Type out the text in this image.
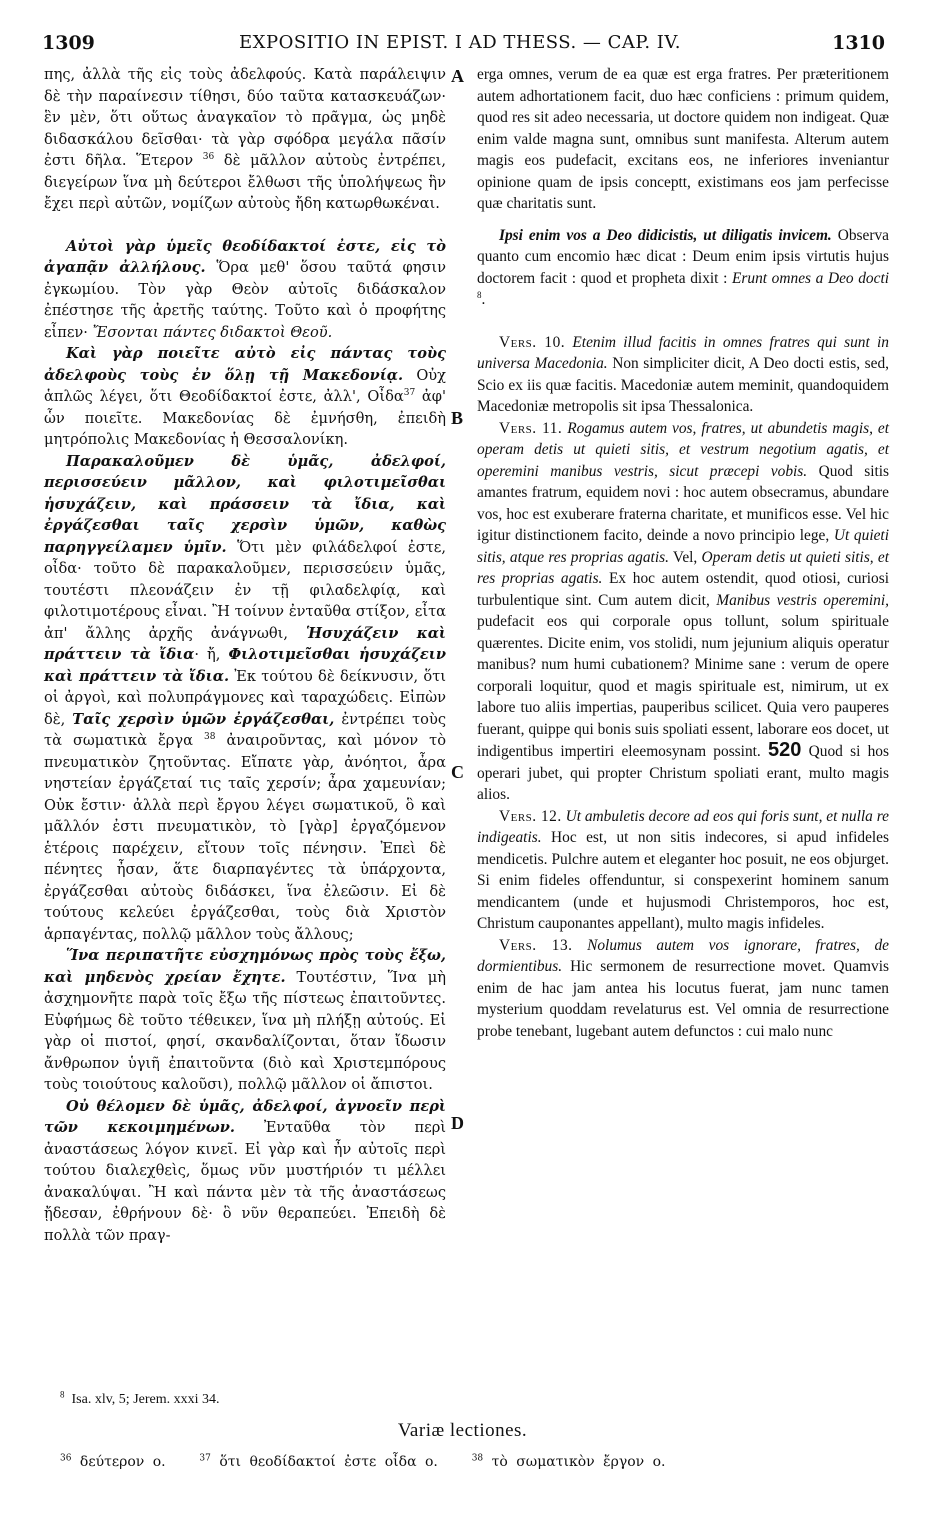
1309	EXPOSITIO IN EPIST. I AD THESS. — CAP. IV.	1310
A
B
C
D

πης, ἀλλὰ τῆς εἰς τοὺς ἀδελφούς. Κατὰ παράλειψιν δὲ τὴν παραίνεσιν τίθησι, δύο ταῦτα κατασκευάζων· ἓν μὲν, ὅτι οὕτως ἀναγκαῖον τὸ πρᾶγμα, ὡς μηδὲ διδασκάλου δεῖσθαι· τὰ γὰρ σφόδρα μεγάλα πᾶσίν ἐστι δῆλα. Ἕτερον $^{36}$ δὲ μᾶλλον αὐτοὺς ἐντρέπει, διεγείρων ἵνα μὴ δεύτεροι ἔλθωσι τῆς ὑπολήψεως ἣν ἔχει περὶ αὐτῶν, νομίζων αὐτοὺς ἤδη κατωρθωκέναι.

Αὐτοὶ γὰρ ὑμεῖς θεοδίδακτοί ἐστε, εἰς τὸ ἀγαπᾷν ἀλλήλους. Ὅρα μεθ' ὅσου ταῦτά φησιν ἐγκωμίου. Τὸν γὰρ Θεὸν αὐτοῖς διδάσκαλον ἐπέστησε τῆς ἀρετῆς ταύτης. Τοῦτο καὶ ὁ προφήτης εἶπεν· Ἔσονται πάντες διδακτοὶ Θεοῦ.

Καὶ γὰρ ποιεῖτε αὐτὸ εἰς πάντας τοὺς ἀδελφοὺς τοὺς ἐν ὅλῃ τῇ Μακεδονίᾳ. Οὐχ ἁπλῶς λέγει, ὅτι Θεοδίδακτοί ἐστε, ἀλλ', Οἶδα$^{37}$ ἀφ' ὧν ποιεῖτε. Μακεδονίας δὲ ἐμνήσθη, ἐπειδὴ μητρόπολις Μακεδονίας ἡ Θεσσαλονίκη.

Παρακαλοῦμεν δὲ ὑμᾶς, ἀδελφοί, περισσεύειν μᾶλλον, καὶ φιλοτιμεῖσθαι ἡσυχάζειν, καὶ πράσσειν τὰ ἴδια, καὶ ἐργάζεσθαι ταῖς χερσὶν ὑμῶν, καθὼς παρηγγείλαμεν ὑμῖν. Ὅτι μὲν φιλάδελφοί ἐστε, οἶδα· τοῦτο δὲ παρακαλοῦμεν, περισσεύειν ὑμᾶς, τουτέστι πλεονάζειν ἐν τῇ φιλαδελφίᾳ, καὶ φιλοτιμοτέρους εἶναι. Ἢ τοίνυν ἐνταῦθα στίξον, εἶτα ἀπ' ἄλλης ἀρχῆς ἀνάγνωθι, Ἡσυχάζειν καὶ πράττειν τὰ ἴδια· ἤ, Φιλοτιμεῖσθαι ἡσυχάζειν καὶ πράττειν τὰ ἴδια. Ἐκ τούτου δὲ δείκνυσιν, ὅτι οἱ ἀργοὶ, καὶ πολυπράγμονες καὶ ταραχώδεις. Εἰπὼν δὲ, Ταῖς χερσὶν ὑμῶν ἐργάζεσθαι, ἐντρέπει τοὺς τὰ σωματικὰ ἔργα $^{38}$ ἀναιροῦντας, καὶ μόνον τὸ πνευματικὸν ζητοῦντας. Εἴπατε γὰρ, ἀνόητοι, ἆρα νηστείαν ἐργάζεταί τις ταῖς χερσίν; ἆρα χαμευνίαν; Οὐκ ἔστιν· ἀλλὰ περὶ ἔργου λέγει σωματικοῦ, ὃ καὶ μᾶλλόν ἐστι πνευματικὸν, τὸ [γὰρ] ἐργαζόμενον ἑτέροις παρέχειν, εἴτουν τοῖς πένησιν. Ἐπεὶ δὲ πένητες ἦσαν, ἅτε διαρπαγέντες τὰ ὑπάρχοντα, ἐργάζεσθαι αὐτοὺς διδάσκει, ἵνα ἐλεῶσιν. Εἰ δὲ τούτους κελεύει ἐργάζεσθαι, τοὺς διὰ Χριστὸν ἁρπαγέντας, πολλῷ μᾶλλον τοὺς ἄλλους;

Ἵνα περιπατῆτε εὐσχημόνως πρὸς τοὺς ἔξω, καὶ μηδενὸς χρείαν ἔχητε. Τουτέστιν, Ἵνα μὴ ἀσχημονῆτε παρὰ τοῖς ἔξω τῆς πίστεως ἐπαιτοῦντες. Εὐφήμως δὲ τοῦτο τέθεικεν, ἵνα μὴ πλήξῃ αὐτούς. Εἰ γὰρ οἱ πιστοί, φησί, σκανδαλίζονται, ὅταν ἴδωσιν ἄνθρωπον ὑγιῆ ἐπαιτοῦντα (διὸ καὶ Χριστεμπόρους τοὺς τοιούτους καλοῦσι), πολλῷ μᾶλλον οἱ ἄπιστοι.

Οὐ θέλομεν δὲ ὑμᾶς, ἀδελφοί, ἀγνοεῖν περὶ τῶν κεκοιμημένων. Ἐνταῦθα τὸν περὶ ἀναστάσεως λόγον κινεῖ. Εἰ γὰρ καὶ ἦν αὐτοῖς περὶ τούτου διαλεχθεὶς, ὅμως νῦν μυστήριόν τι μέλλει ἀνακαλύψαι. Ἢ καὶ πάντα μὲν τὰ τῆς ἀναστάσεως ᾔδεσαν, ἐθρήνουν δὲ· ὃ νῦν θεραπεύει. Ἐπειδὴ δὲ πολλὰ τῶν πραγ-

erga omnes, verum de ea quæ est erga fratres. Per præteritionem autem adhortationem facit, duo hæc conficiens : primum quidem, quod res sit adeo necessaria, ut doctore quidem non indigeat. Quæ enim valde magna sunt, omnibus sunt manifesta. Alterum autem magis eos pudefacit, excitans eos, ne inferiores inveniantur opinione quam de ipsis conceptt, existimans eos jam perfecisse quæ charitatis sunt.

Ipsi enim vos a Deo didicistis, ut diligatis invicem. Observa quanto cum encomio hæc dicat : Deum enim ipsis virtutis hujus doctorem facit : quod et propheta dixit : Erunt omnes a Deo docti $^8$.

Vers. 10. Etenim illud facitis in omnes fratres qui sunt in universa Macedonia. Non simpliciter dicit, A Deo docti estis, sed, Scio ex iis quæ facitis. Macedoniæ autem meminit, quandoquidem Macedoniæ metropolis sit ipsa Thessalonica.

Vers. 11. Rogamus autem vos, fratres, ut abundetis magis, et operam detis ut quieti sitis, et vestrum negotium agatis, et operemini manibus vestris, sicut præcepi vobis. Quod sitis amantes fratrum, equidem novi : hoc autem obsecramus, abundare vos, hoc est exuberare fraterna charitate, et munificos esse. Vel hic igitur distinctionem facito, deinde a novo principio lege, Ut quieti sitis, atque res proprias agatis. Vel, Operam detis ut quieti sitis, et res proprias agatis. Ex hoc autem ostendit, quod otiosi, curiosi turbulentique sint. Cum autem dicit, Manibus vestris operemini, pudefacit eos qui corporale opus tollunt, solum spirituale quærentes. Dicite enim, vos stolidi, num jejunium aliquis operatur manibus? num humi cubationem? Minime sane : verum de opere corporali loquitur, quod et magis spirituale est, nimirum, ut ex labore tuo aliis impertias, pauperibus scilicet. Quia vero pauperes fuerant, quippe qui bonis suis spoliati essent, laborare eos docet, ut indigentibus impertiri eleemosynam possint. 520 Quod si hos operari jubet, qui propter Christum spoliati erant, multo magis alios.

Vers. 12. Ut ambuletis decore ad eos qui foris sunt, et nulla re indigeatis. Hoc est, ut non sitis indecores, si apud infideles mendicetis. Pulchre autem et eleganter hoc posuit, ne eos objurget. Si enim fideles offenduntur, si conspexerint hominem sanum mendicantem (unde et hujusmodi Christemporos, hoc est, Christum cauponantes appellant), multo magis infideles.

Vers. 13. Nolumus autem vos ignorare, fratres, de dormientibus. Hic sermonem de resurrectione movet. Quamvis enim de hac jam antea his locutus fuerat, jam nunc tamen mysterium quoddam revelaturus est. Vel omnia de resurrectione probe tenebant, lugebant autem defunctos : cui malo nunc

$^8$ Isa. xlv, 5; Jerem. xxxi 34.
Variæ lectiones.
$^{36}$ δεύτερον ο.	$^{37}$ ὅτι θεοδίδακτοί ἐστε οἶδα ο.	$^{38}$ τὸ σωματικὸν ἔργον ο.
